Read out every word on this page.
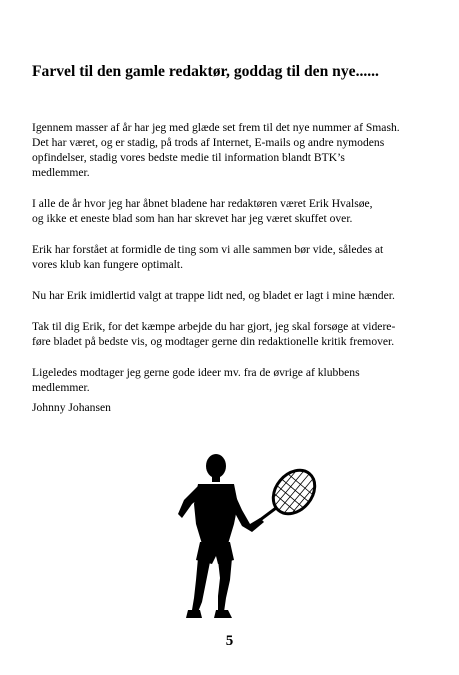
Farvel til den gamle redaktør, goddag til den nye......

Igennem masser af år har jeg med glæde set frem til det nye nummer af Smash.
Det har været, og er stadig, på trods af Internet, E-mails og andre nymodens
opfindelser, stadig vores bedste medie til information blandt BTK’s
medlemmer.

I alle de år hvor jeg har åbnet bladene har redaktøren været Erik Hvalsøe,
og ikke et eneste blad som han har skrevet har jeg været skuffet over.

Erik har forstået at formidle de ting som vi alle sammen bør vide, således at
vores klub kan fungere optimalt.

Nu har Erik imidlertid valgt at trappe lidt ned, og bladet er lagt i mine hænder.

Tak til dig Erik, for det kæmpe arbejde du har gjort, jeg skal forsøge at videre-
føre bladet på bedste vis, og modtager gerne din redaktionelle kritik fremover.

Ligeledes modtager jeg gerne gode ideer mv. fra de øvrige af klubbens
medlemmer.

Johnny Johansen
5
